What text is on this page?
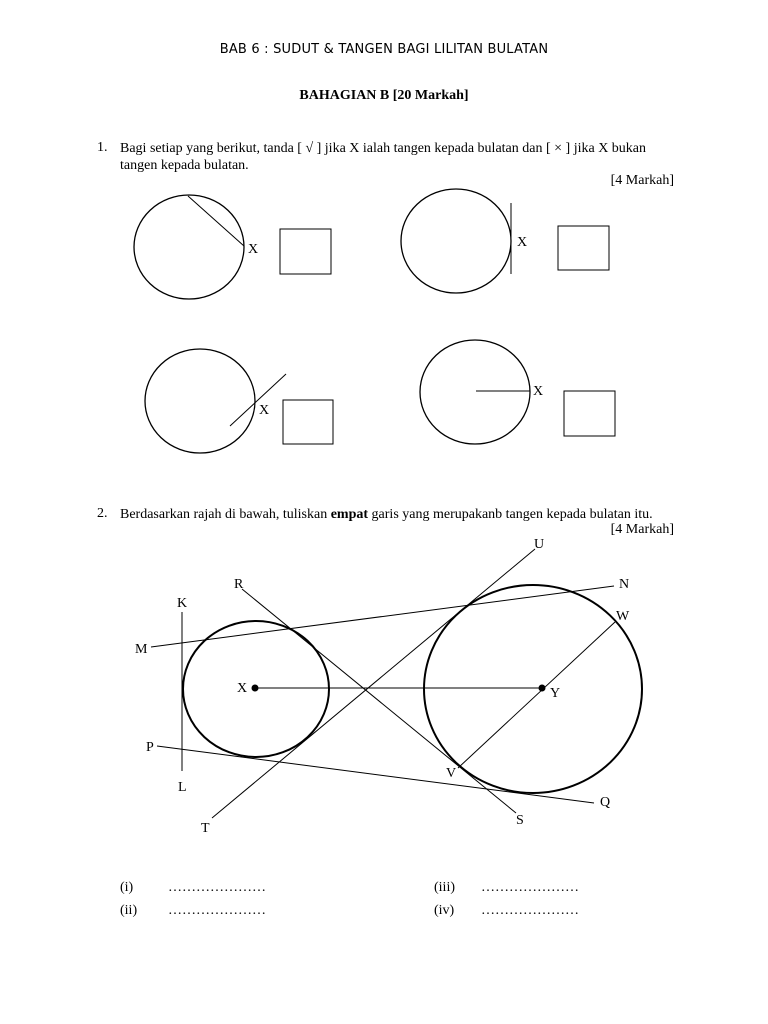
BAB 6 : SUDUT & TANGEN BAGI LILITAN BULATAN
BAHAGIAN B [20 Markah]
1. Bagi setiap yang berikut, tanda [ √ ] jika X ialah tangen kepada bulatan dan [ × ] jika X bukan
tangen kepada bulatan.
[4 Markah]
X	X
X
X
2. Berdasarkan rajah di bawah, tuliskan empat garis yang merupakanb tangen kepada bulatan itu.
[4 Markah]
U
R	N
K
W
M
X	Y
P
V
L
Q
S
T
(i) …………………
(ii) …………………
(iii) …………………
(iv) …………………
